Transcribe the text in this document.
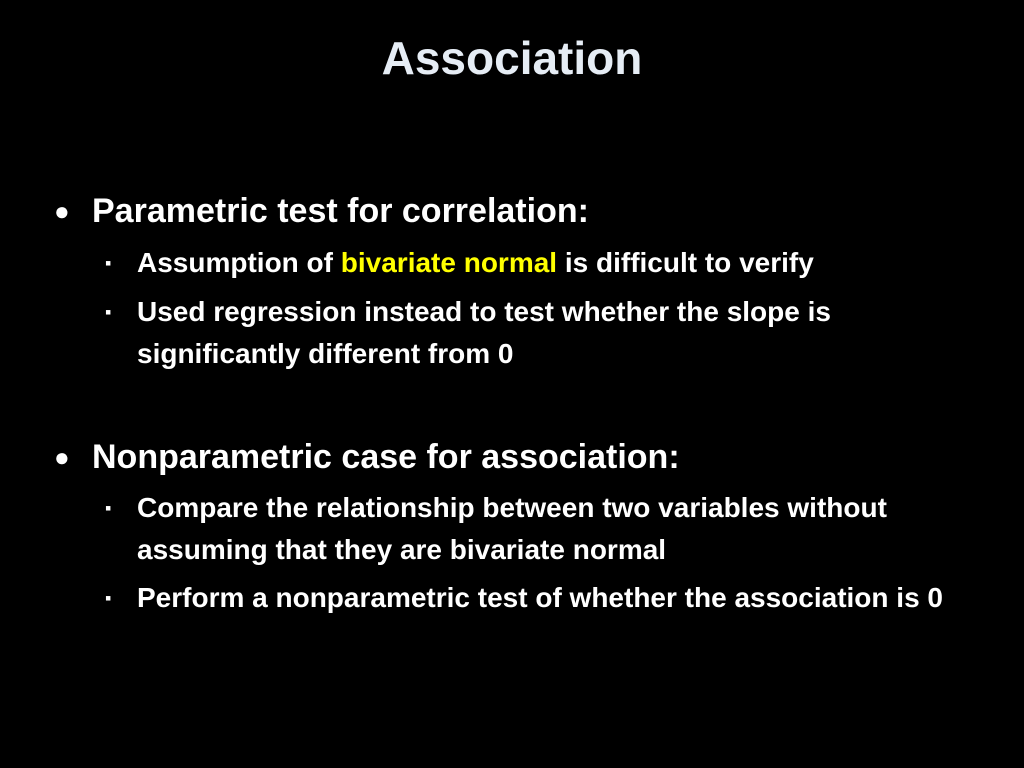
Association
● Parametric test for correlation:
▪ Assumption of bivariate normal is difficult to verify
▪ Used regression instead to test whether the slope is significantly different from 0
● Nonparametric case for association:
▪ Compare the relationship between two variables without assuming that they are bivariate normal
▪ Perform a nonparametric test of whether the association is 0
